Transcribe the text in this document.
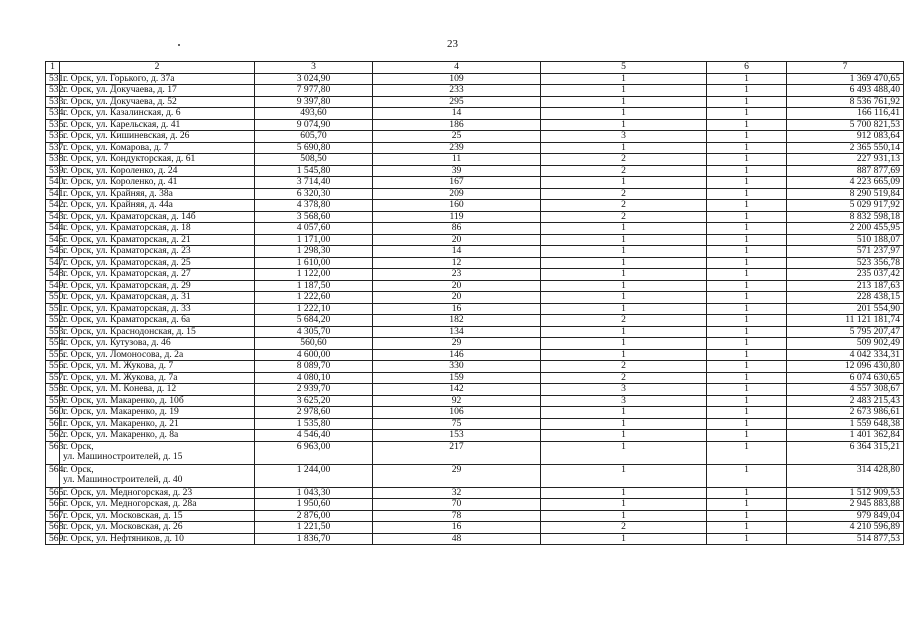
23
1	2	3	4	5	6	7
531.	г. Орск, ул. Горького, д. 37а	3 024,90	109	1	1	1 369 470,65
532.	г. Орск, ул. Докучаева, д. 17	7 977,80	233	1	1	6 493 488,40
533.	г. Орск, ул. Докучаева, д. 52	9 397,80	295	1	1	8 536 761,92
534.	г. Орск, ул. Казалинская, д. 6	493,60	14	1	1	166 116,41
535.	г. Орск, ул. Карельская, д. 41	9 074,90	186	1	1	5 700 821,53
536.	г. Орск, ул. Кишиневская, д. 26	605,70	25	3	1	912 083,64
537.	г. Орск, ул. Комарова, д. 7	5 690,80	239	1	1	2 365 550,14
538.	г. Орск, ул. Кондукторская, д. 61	508,50	11	2	1	227 931,13
539.	г. Орск, ул. Короленко, д. 24	1 545,80	39	2	1	887 877,69
540.	г. Орск, ул. Короленко, д. 41	3 714,40	167	1	1	4 223 665,09
541.	г. Орск, ул. Крайняя, д. 38а	6 320,30	209	2	1	8 290 519,84
542.	г. Орск, ул. Крайняя, д. 44а	4 378,80	160	2	1	5 029 917,92
543.	г. Орск, ул. Краматорская, д. 14б	3 568,60	119	2	1	8 832 598,18
544.	г. Орск, ул. Краматорская, д. 18	4 057,60	86	1	1	2 200 455,95
545.	г. Орск, ул. Краматорская, д. 21	1 171,00	20	1	1	510 188,07
546.	г. Орск, ул. Краматорская, д. 23	1 298,30	14	1	1	571 237,97
547.	г. Орск, ул. Краматорская, д. 25	1 610,00	12	1	1	523 356,78
548.	г. Орск, ул. Краматорская, д. 27	1 122,00	23	1	1	235 037,42
549.	г. Орск, ул. Краматорская, д. 29	1 187,50	20	1	1	213 187,63
550.	г. Орск, ул. Краматорская, д. 31	1 222,60	20	1	1	228 438,15
551.	г. Орск, ул. Краматорская, д. 33	1 222,10	16	1	1	201 554,90
552.	г. Орск, ул. Краматорская, д. 6а	5 684,20	182	2	1	11 121 181,74
553.	г. Орск, ул. Краснодонская, д. 15	4 305,70	134	1	1	5 795 207,47
554.	г. Орск, ул. Кутузова, д. 46	560,60	29	1	1	509 902,49
555.	г. Орск, ул. Ломоносова, д. 2а	4 600,00	146	1	1	4 042 334,31
556.	г. Орск, ул. М. Жукова, д. 7	8 089,70	330	2	1	12 096 430,80
557.	г. Орск, ул. М. Жукова, д. 7а	4 080,10	159	2	1	6 074 630,65
558.	г. Орск, ул. М. Конева, д. 12	2 939,70	142	3	1	4 557 308,67
559.	г. Орск, ул. Макаренко, д. 10б	3 625,20	92	3	1	2 483 215,43
560.	г. Орск, ул. Макаренко, д. 19	2 978,60	106	1	1	2 673 986,61
561.	г. Орск, ул. Макаренко, д. 21	1 535,80	75	1	1	1 559 648,38
562.	г. Орск, ул. Макаренко, д. 8а	4 546,40	153	1	1	1 401 362,84
563.	г. Орск,
ул. Машиностроителей, д. 15	6 963,00	217	1	1	6 364 315,21
564.	г. Орск,
ул. Машиностроителей, д. 40	1 244,00	29	1	1	314 428,80
565.	г. Орск, ул. Медногорская, д. 23	1 043,30	32	1	1	1 512 909,53
566.	г. Орск, ул. Медногорская, д. 28а	1 950,60	70	1	1	2 945 883,88
567.	г. Орск, ул. Московская, д. 15	2 876,00	78	1	1	979 849,04
568.	г. Орск, ул. Московская, д. 26	1 221,50	16	2	1	4 210 596,89
569.	г. Орск, ул. Нефтяников, д. 10	1 836,70	48	1	1	514 877,53
